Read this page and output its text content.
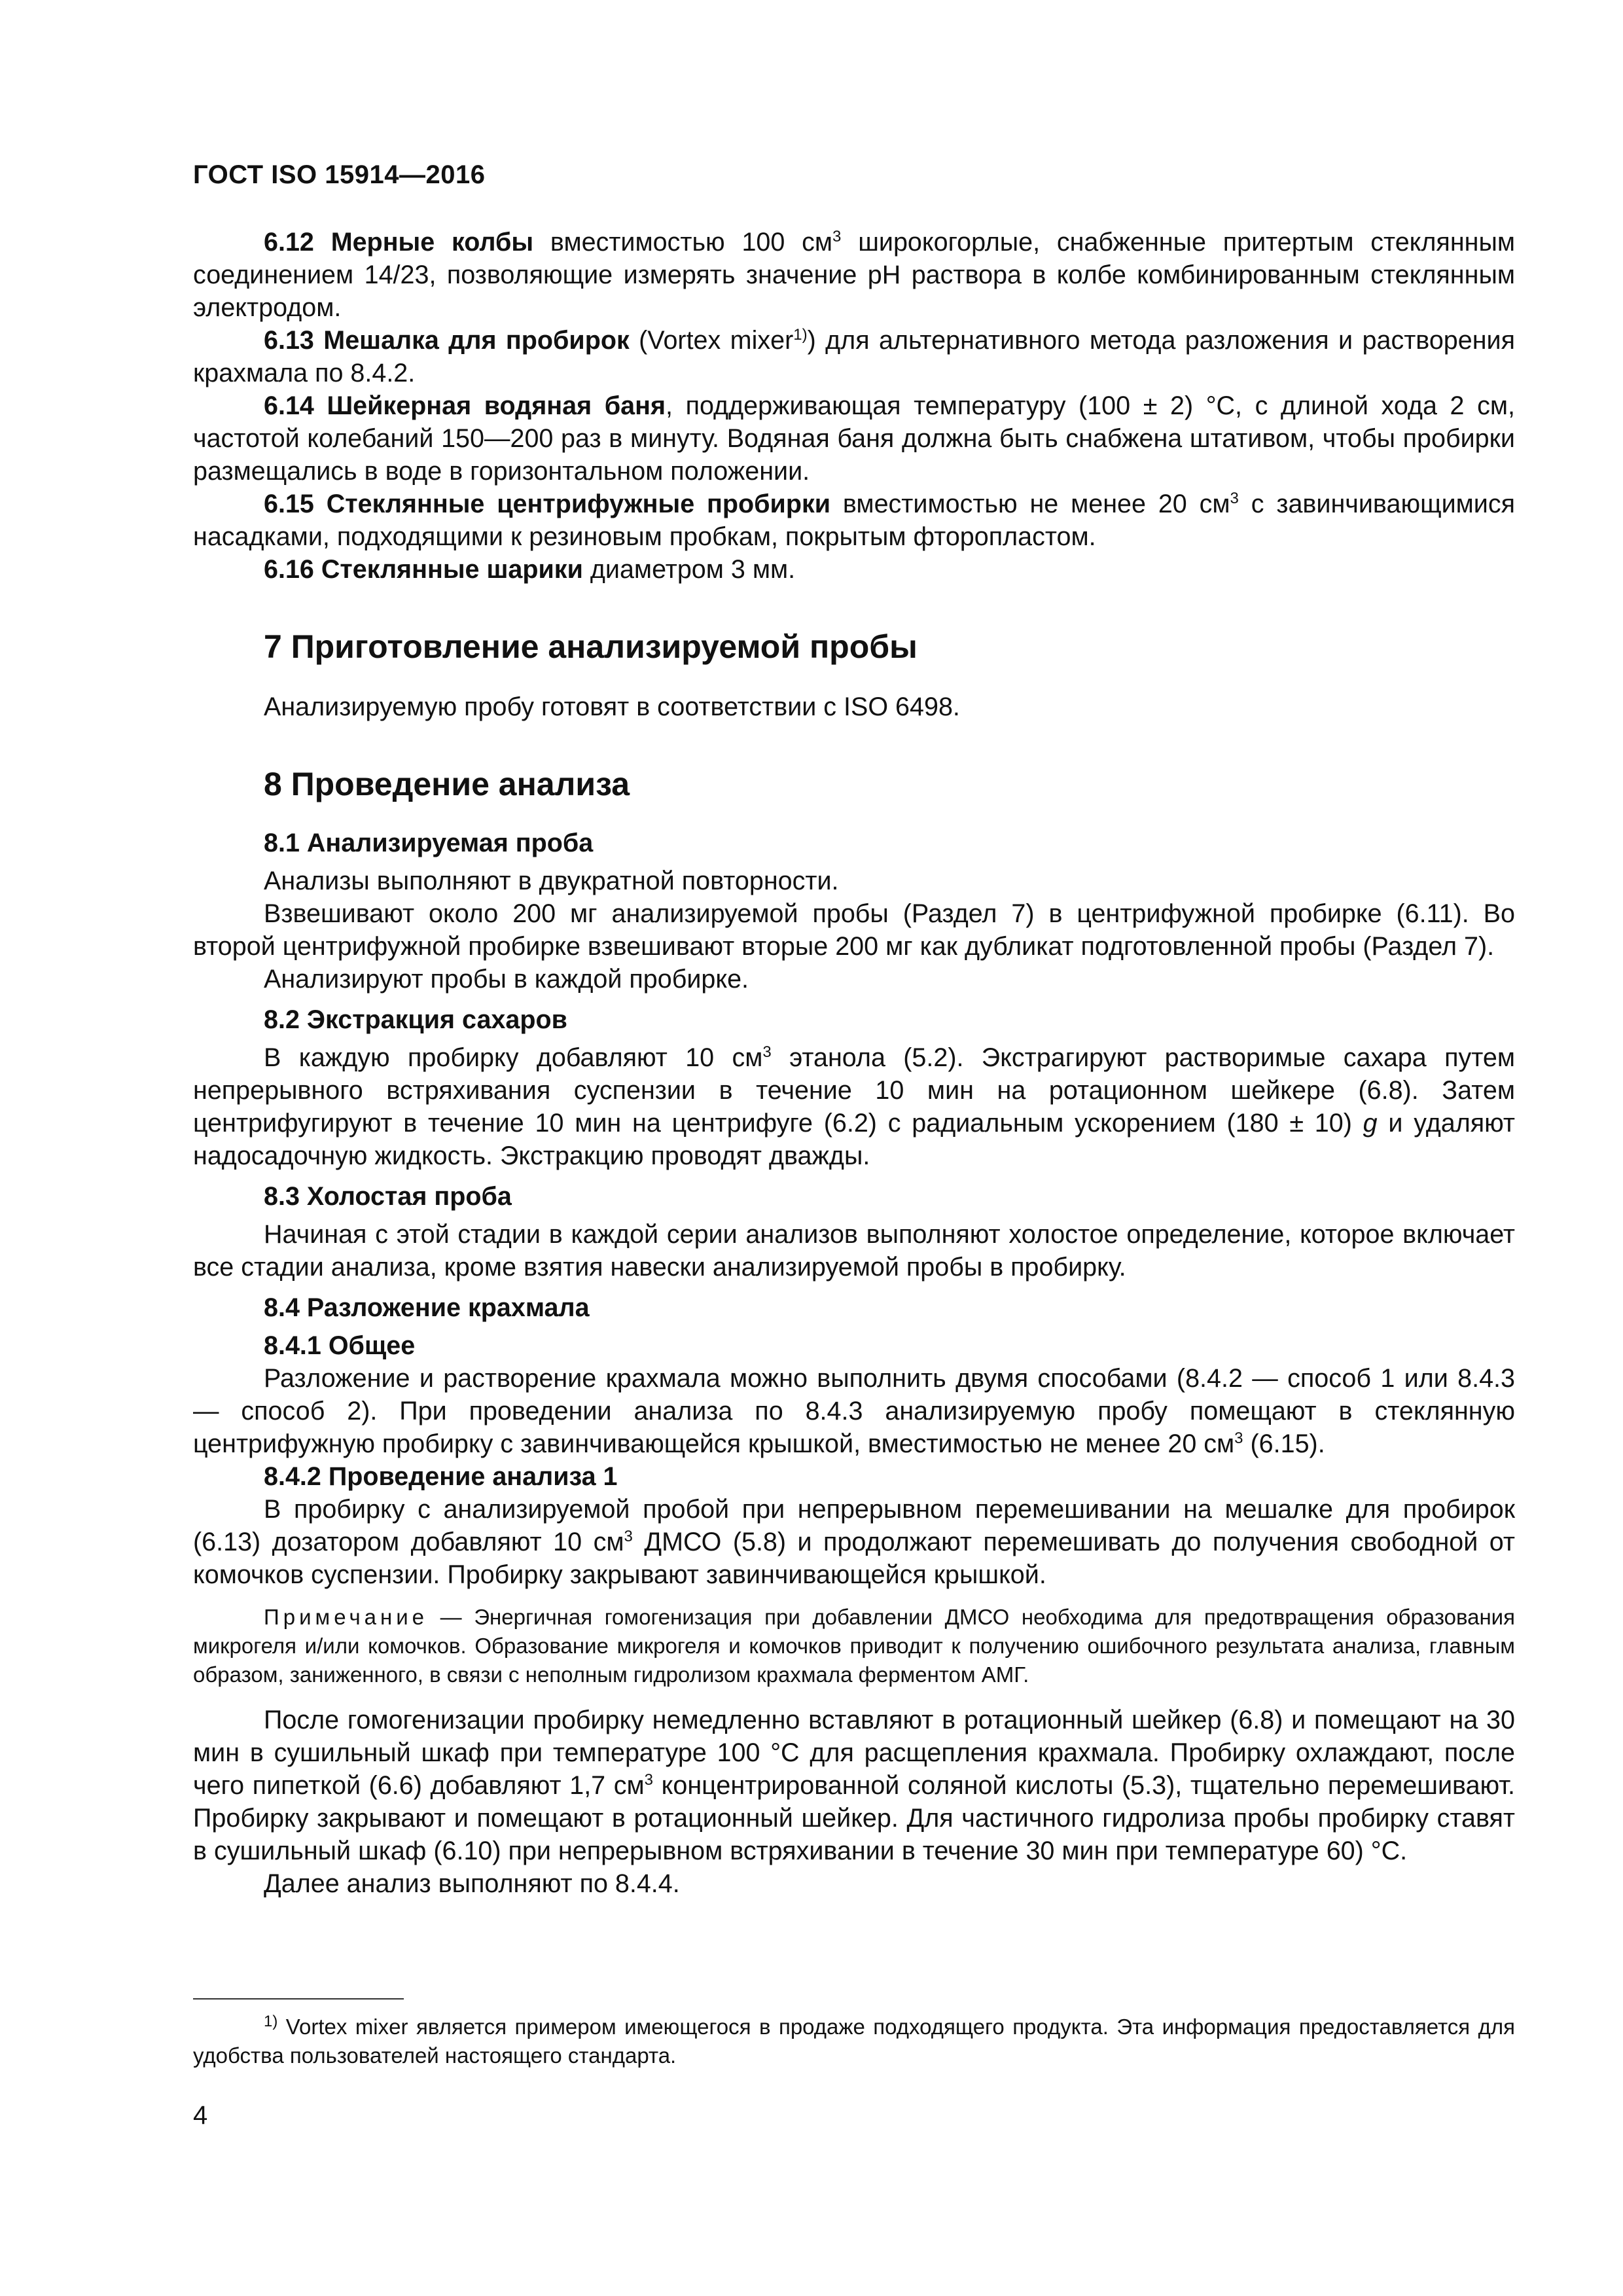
ГОСТ ISO 15914—2016

6.12 Мерные колбы вместимостью 100 $см^3$ широкогорлые, снабженные притертым стеклянным соединением 14/23, позволяющие измерять значение pH раствора в колбе комбинированным стеклянным электродом.

6.13 Мешалка для пробирок (Vortex mixer$^{1)}$) для альтернативного метода разложения и растворения крахмала по 8.4.2.

6.14 Шейкерная водяная баня, поддерживающая температуру (100 ± 2) °C, с длиной хода 2 см, частотой колебаний 150—200 раз в минуту. Водяная баня должна быть снабжена штативом, чтобы пробирки размещались в воде в горизонтальном положении.

6.15 Стеклянные центрифужные пробирки вместимостью не менее 20 $см^3$ с завинчивающимися насадками, подходящими к резиновым пробкам, покрытым фторопластом.

6.16 Стеклянные шарики диаметром 3 мм.

7 Приготовление анализируемой пробы

Анализируемую пробу готовят в соответствии с ISO 6498.

8 Проведение анализа
8.1 Анализируемая проба

Анализы выполняют в двукратной повторности.

Взвешивают около 200 мг анализируемой пробы (Раздел 7) в центрифужной пробирке (6.11). Во второй центрифужной пробирке взвешивают вторые 200 мг как дубликат подготовленной пробы (Раздел 7).

Анализируют пробы в каждой пробирке.

8.2 Экстракция сахаров

В каждую пробирку добавляют 10 $см^3$ этанола (5.2). Экстрагируют растворимые сахара путем непрерывного встряхивания суспензии в течение 10 мин на ротационном шейкере (6.8). Затем центрифугируют в течение 10 мин на центрифуге (6.2) с радиальным ускорением (180 ± 10) g и удаляют надосадочную жидкость. Экстракцию проводят дважды.

8.3 Холостая проба

Начиная с этой стадии в каждой серии анализов выполняют холостое определение, которое включает все стадии анализа, кроме взятия навески анализируемой пробы в пробирку.

8.4 Разложение крахмала
8.4.1 Общее

Разложение и растворение крахмала можно выполнить двумя способами (8.4.2 — способ 1 или 8.4.3 — способ 2). При проведении анализа по 8.4.3 анализируемую пробу помещают в стеклянную центрифужную пробирку с завинчивающейся крышкой, вместимостью не менее 20 $см^3$ (6.15).

8.4.2 Проведение анализа 1

В пробирку с анализируемой пробой при непрерывном перемешивании на мешалке для пробирок (6.13) дозатором добавляют 10 $см^3$ ДМСО (5.8) и продолжают перемешивать до получения свободной от комочков суспензии. Пробирку закрывают завинчивающейся крышкой.

Примечание — Энергичная гомогенизация при добавлении ДМСО необходима для предотвращения образования микрогеля и/или комочков. Образование микрогеля и комочков приводит к получению ошибочного результата анализа, главным образом, заниженного, в связи с неполным гидролизом крахмала ферментом АМГ.

После гомогенизации пробирку немедленно вставляют в ротационный шейкер (6.8) и помещают на 30 мин в сушильный шкаф при температуре 100 °C для расщепления крахмала. Пробирку охлаждают, после чего пипеткой (6.6) добавляют 1,7 $см^3$ концентрированной соляной кислоты (5.3), тщательно перемешивают. Пробирку закрывают и помещают в ротационный шейкер. Для частичного гидролиза пробы пробирку ставят в сушильный шкаф (6.10) при непрерывном встряхивании в течение 30 мин при температуре 60) °C.

Далее анализ выполняют по 8.4.4.

$^{1)}$ Vortex mixer является примером имеющегося в продаже подходящего продукта. Эта информация предоставляется для удобства пользователей настоящего стандарта.

4
